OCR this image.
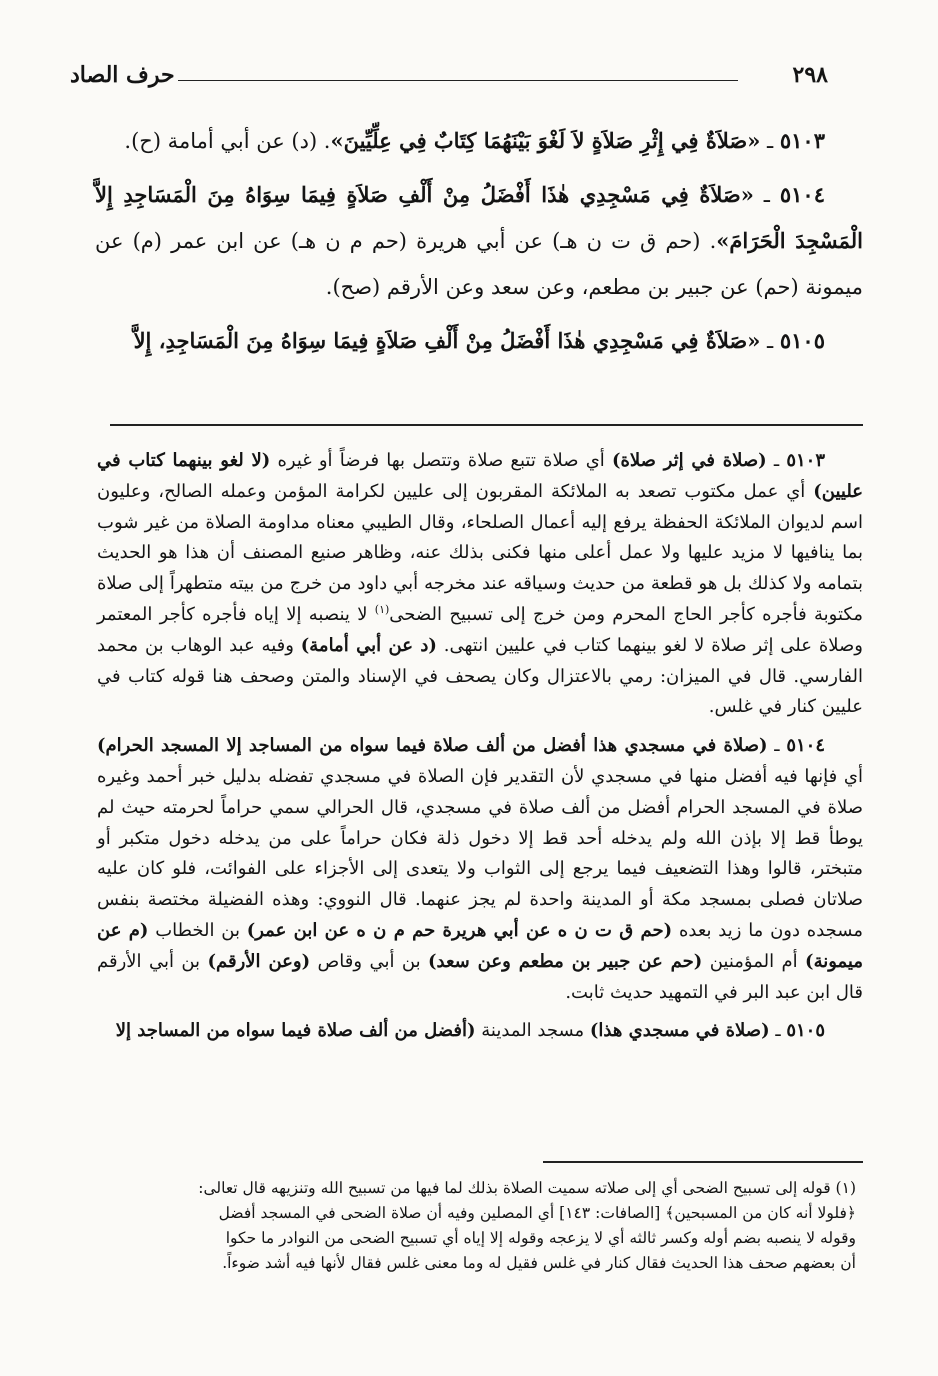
٢٩٨
حرف الصاد

٥١٠٣ ـ «صَلاَةٌ فِي إِثْرِ صَلاَةٍ لاَ لَغْوَ بَيْنَهُمَا كِتَابٌ فِي عِلِّيِّينَ». (د) عن أبي أمامة (ح).

٥١٠٤ ـ «صَلاَةٌ فِي مَسْجِدِي هٰذَا أَفْضَلُ مِنْ أَلْفِ صَلاَةٍ فِيمَا سِوَاهُ مِنَ الْمَسَاجِدِ إِلاَّ الْمَسْجِدَ الْحَرَامَ». (حم ق ت ن هـ) عن أبي هريرة (حم م ن هـ) عن ابن عمر (م) عن ميمونة (حم) عن جبير بن مطعم، وعن سعد وعن الأرقم (صح).

٥١٠٥ ـ «صَلاَةٌ فِي مَسْجِدِي هٰذَا أَفْضَلُ مِنْ أَلْفِ صَلاَةٍ فِيمَا سِوَاهُ مِنَ الْمَسَاجِدِ، إِلاَّ

٥١٠٣ ـ (صلاة في إثر صلاة) أي صلاة تتبع صلاة وتتصل بها فرضاً أو غيره (لا لغو بينهما كتاب في عليين) أي عمل مكتوب تصعد به الملائكة المقربون إلى عليين لكرامة المؤمن وعمله الصالح، وعليون اسم لديوان الملائكة الحفظة يرفع إليه أعمال الصلحاء، وقال الطيبي معناه مداومة الصلاة من غير شوب بما ينافيها لا مزيد عليها ولا عمل أعلى منها فكنى بذلك عنه، وظاهر صنيع المصنف أن هذا هو الحديث بتمامه ولا كذلك بل هو قطعة من حديث وسياقه عند مخرجه أبي داود من خرج من بيته متطهراً إلى صلاة مكتوبة فأجره كأجر الحاج المحرم ومن خرج إلى تسبيح الضحى$^{(١)}$ لا ينصبه إلا إياه فأجره كأجر المعتمر وصلاة على إثر صلاة لا لغو بينهما كتاب في عليين انتهى. (د عن أبي أمامة) وفيه عبد الوهاب بن محمد الفارسي. قال في الميزان: رمي بالاعتزال وكان يصحف في الإسناد والمتن وصحف هنا قوله كتاب في عليين كنار في غلس.

٥١٠٤ ـ (صلاة في مسجدي هذا أفضل من ألف صلاة فيما سواه من المساجد إلا المسجد الحرام) أي فإنها فيه أفضل منها في مسجدي لأن التقدير فإن الصلاة في مسجدي تفضله بدليل خبر أحمد وغيره صلاة في المسجد الحرام أفضل من ألف صلاة في مسجدي، قال الحرالي سمي حراماً لحرمته حيث لم يوطأ قط إلا بإذن الله ولم يدخله أحد قط إلا دخول ذلة فكان حراماً على من يدخله دخول متكبر أو متبختر، قالوا وهذا التضعيف فيما يرجع إلى الثواب ولا يتعدى إلى الأجزاء على الفوائت، فلو كان عليه صلاتان فصلى بمسجد مكة أو المدينة واحدة لم يجز عنهما. قال النووي: وهذه الفضيلة مختصة بنفس مسجده دون ما زيد بعده (حم ق ت ن ه عن أبي هريرة حم م ن ه عن ابن عمر) بن الخطاب (م عن ميمونة) أم المؤمنين (حم عن جبير بن مطعم وعن سعد) بن أبي وقاص (وعن الأرقم) بن أبي الأرقم قال ابن عبد البر في التمهيد حديث ثابت.

٥١٠٥ ـ (صلاة في مسجدي هذا) مسجد المدينة (أفضل من ألف صلاة فيما سواه من المساجد إلا

(١) قوله إلى تسبيح الضحى أي إلى صلاته سميت الصلاة بذلك لما فيها من تسبيح الله وتنزيهه قال تعالى:

﴿فلولا أنه كان من المسبحين﴾ [الصافات: ١٤٣] أي المصلين وفيه أن صلاة الضحى في المسجد أفضل

وقوله لا ينصبه بضم أوله وكسر ثالثه أي لا يزعجه وقوله إلا إياه أي تسبيح الضحى من النوادر ما حكوا

أن بعضهم صحف هذا الحديث فقال كنار في غلس فقيل له وما معنى غلس فقال لأنها فيه أشد ضوءاً.
